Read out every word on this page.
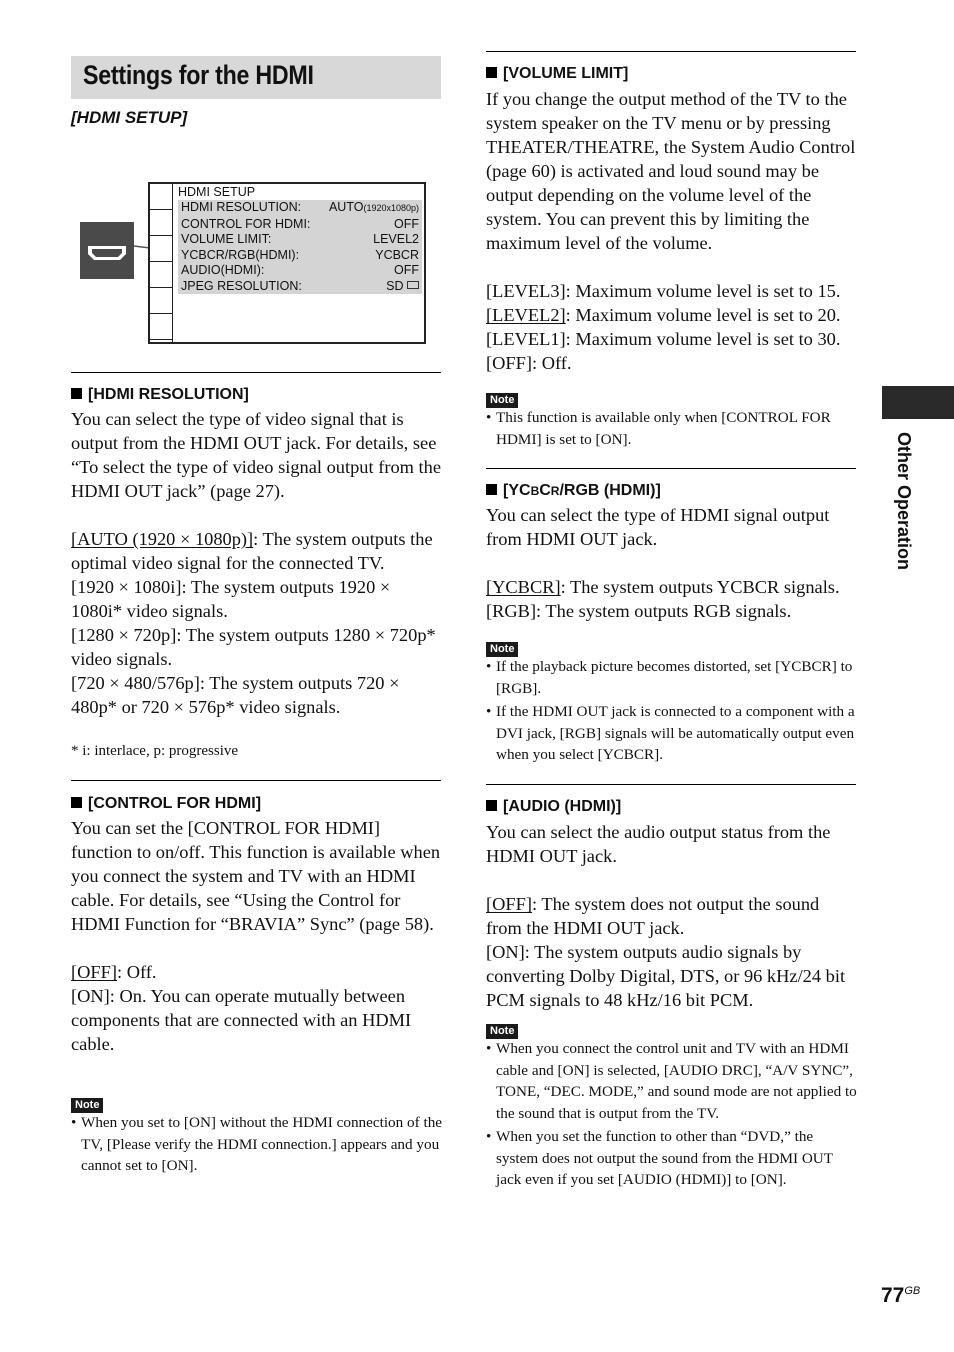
Settings for the HDMI
[HDMI SETUP]
HDMI SETUP
HDMI RESOLUTION: AUTO(1920x1080p)
CONTROL FOR HDMI:	OFF
VOLUME LIMIT:	LEVEL2
YCBCR/RGB(HDMI):	YCBCR
AUDIO(HDMI):	OFF
JPEG RESOLUTION:	SD
[HDMI RESOLUTION]

You can select the type of video signal that is output from the HDMI OUT jack. For details, see “To select the type of video signal output from the HDMI OUT jack” (page 27).

[AUTO (1920 × 1080p)]: The system outputs the optimal video signal for the connected TV.

[1920 × 1080i]: The system outputs 1920 × 1080i* video signals.

[1280 × 720p]: The system outputs 1280 × 720p* video signals.

[720 × 480/576p]: The system outputs 720 × 480p* or 720 × 576p* video signals.

* i: interlace, p: progressive
[CONTROL FOR HDMI]

You can set the [CONTROL FOR HDMI] function to on/off. This function is available when you connect the system and TV with an HDMI cable. For details, see “Using the Control for HDMI Function for “BRAVIA” Sync” (page 58).

[OFF]: Off.

[ON]: On. You can operate mutually between components that are connected with an HDMI cable.

Note
• When you set to [ON] without the HDMI connection of the TV, [Please verify the HDMI connection.] appears and you cannot set to [ON].
[VOLUME LIMIT]

If you change the output method of the TV to the system speaker on the TV menu or by pressing THEATER/THEATRE, the System Audio Control (page 60) is activated and loud sound may be output depending on the volume level of the system. You can prevent this by limiting the maximum level of the volume.

[LEVEL3]: Maximum volume level is set to 15.

[LEVEL2]: Maximum volume level is set to 20.

[LEVEL1]: Maximum volume level is set to 30.

[OFF]: Off.

Note
• This function is available only when [CONTROL FOR HDMI] is set to [ON].
[YCBCR/RGB (HDMI)]

You can select the type of HDMI signal output from HDMI OUT jack.

[YCBCR]: The system outputs YCBCR signals.

[RGB]: The system outputs RGB signals.

Note
• If the playback picture becomes distorted, set [YCBCR] to [RGB].
• If the HDMI OUT jack is connected to a component with a DVI jack, [RGB] signals will be automatically output even when you select [YCBCR].
[AUDIO (HDMI)]

You can select the audio output status from the HDMI OUT jack.

[OFF]: The system does not output the sound from the HDMI OUT jack.

[ON]: The system outputs audio signals by converting Dolby Digital, DTS, or 96 kHz/24 bit PCM signals to 48 kHz/16 bit PCM.

Note
• When you connect the control unit and TV with an HDMI cable and [ON] is selected, [AUDIO DRC], “A/V SYNC”, TONE, “DEC. MODE,” and sound mode are not applied to the sound that is output from the TV.
• When you set the function to other than “DVD,” the system does not output the sound from the HDMI OUT jack even if you set [AUDIO (HDMI)] to [ON].
Other Operation
$77^{GB}$
